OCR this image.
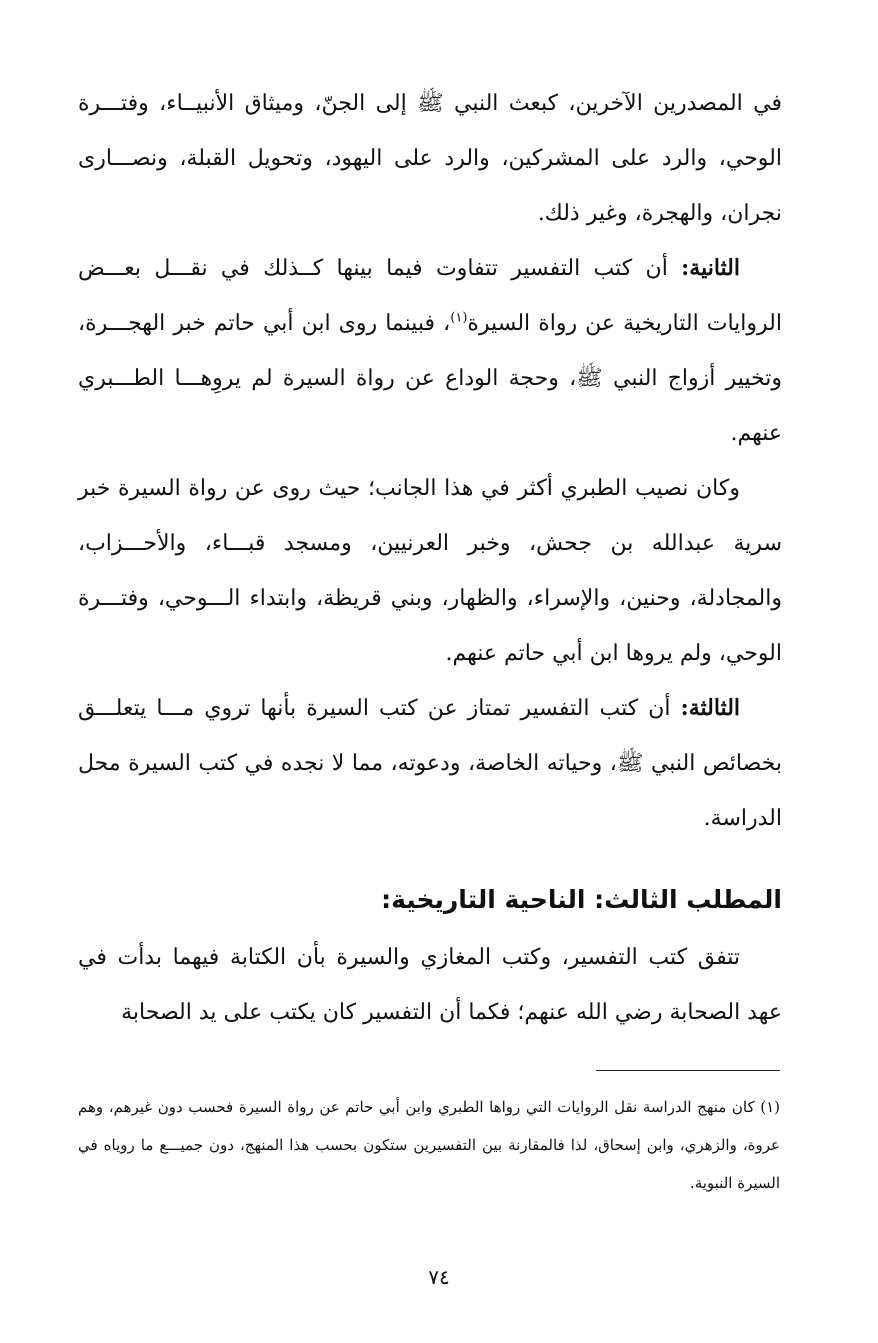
في المصدرين الآخرين، كبعث النبي ﷺ إلى الجنّ، وميثاق الأنبيــاء، وفتـــرة الوحي، والرد على المشركين، والرد على اليهود، وتحويل القبلة، ونصـــارى نجران، والهجرة، وغير ذلك.

الثانية: أن كتب التفسير تتفاوت فيما بينها كــذلك في نقـــل بعـــض الروايات التاريخية عن رواة السيرة$^{(١)}$، فبينما روى ابن أبي حاتم خبر الهجـــرة، وتخيير أزواج النبي ﷺ، وحجة الوداع عن رواة السيرة لم يروِهـــا الطـــبري عنهم.

وكان نصيب الطبري أكثر في هذا الجانب؛ حيث روى عن رواة السيرة خبر سرية عبدالله بن جحش، وخبر العرنيين، ومسجد قبـــاء، والأحـــزاب، والمجادلة، وحنين، والإسراء، والظهار، وبني قريظة، وابتداء الـــوحي، وفتـــرة الوحي، ولم يروها ابن أبي حاتم عنهم.

الثالثة: أن كتب التفسير تمتاز عن كتب السيرة بأنها تروي مـــا يتعلـــق بخصائص النبي ﷺ، وحياته الخاصة، ودعوته، مما لا نجده في كتب السيرة محل الدراسة.

المطلب الثالث: الناحية التاريخية:

تتفق كتب التفسير، وكتب المغازي والسيرة بأن الكتابة فيهما بدأت في عهد الصحابة رضي الله عنهم؛ فكما أن التفسير كان يكتب على يد الصحابة

(١) كان منهج الدراسة نقل الروايات التي رواها الطبري وابن أبي حاتم عن رواة السيرة فحسب دون غيرهم، وهم عروة، والزهري، وابن إسحاق، لذا فالمقارنة بين التفسيرين ستكون بحسب هذا المنهج، دون جميـــع ما روياه في السيرة النبوية.

٧٤
